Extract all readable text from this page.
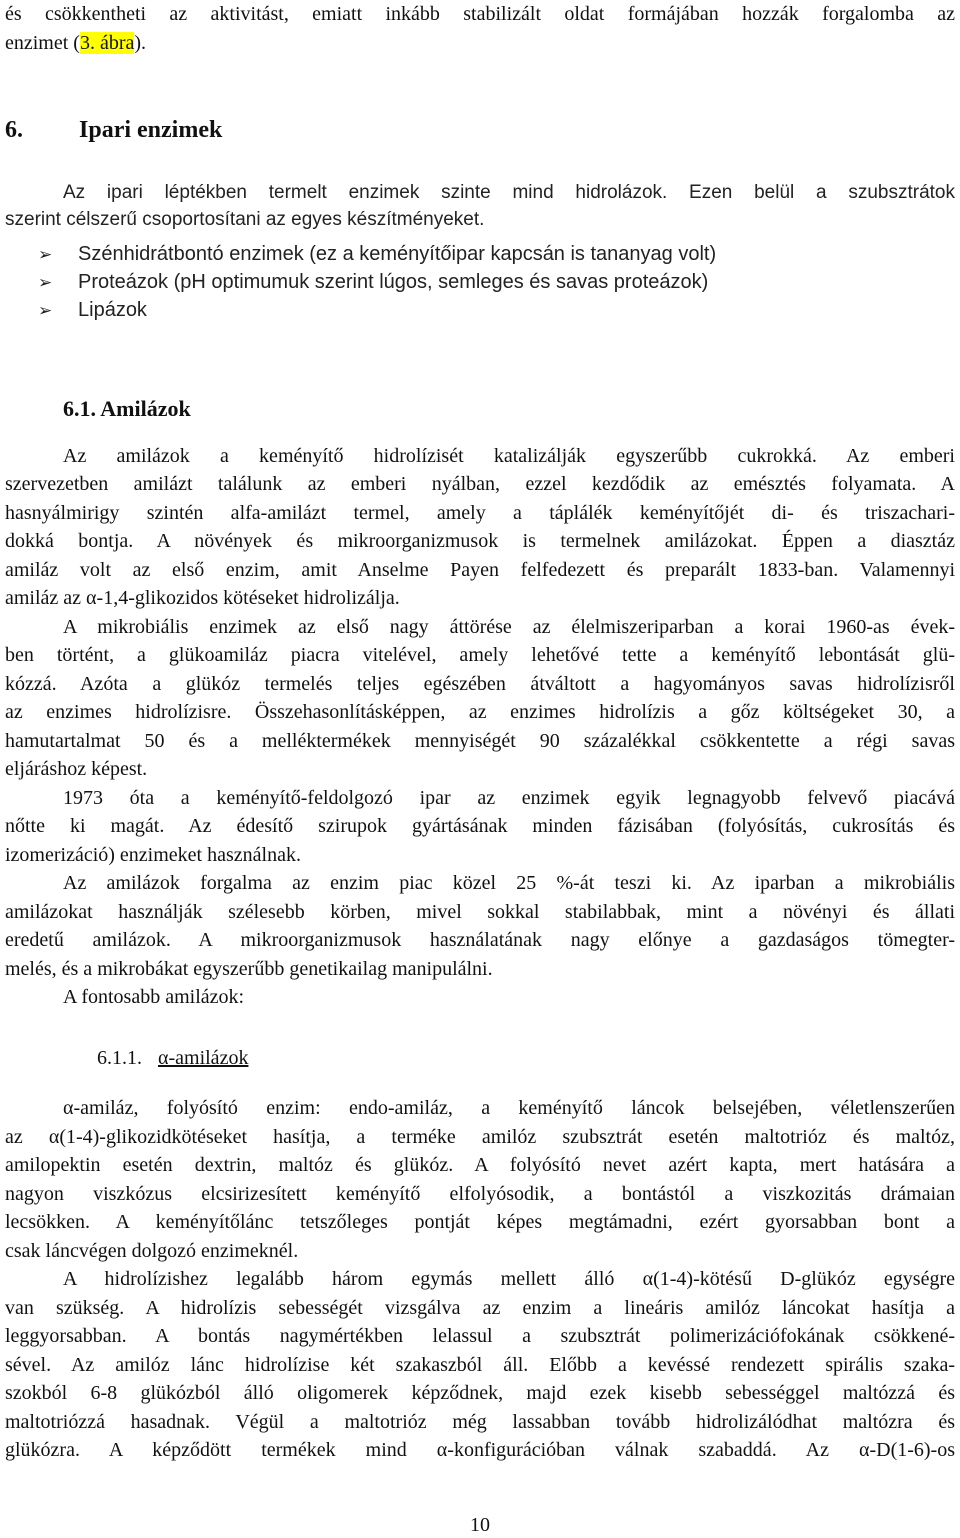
és csökkentheti az aktivitást, emiatt inkább stabilizált oldat formájában hozzák forgalomba az
enzimet (3. ábra).
6. Ipari enzimek
Az ipari léptékben termelt enzimek szinte mind hidrolázok. Ezen belül a szubsztrátok
szerint célszerű csoportosítani az egyes készítményeket.
➢ Szénhidrátbontó enzimek (ez a keményítőipar kapcsán is tananyag volt)
➢ Proteázok (pH optimumuk szerint lúgos, semleges és savas proteázok)
➢ Lipázok
6.1. Amilázok
Az amilázok a keményítő hidrolízisét katalizálják egyszerűbb cukrokká. Az emberi
szervezetben amilázt találunk az emberi nyálban, ezzel kezdődik az emésztés folyamata. A
hasnyálmirigy szintén alfa-amilázt termel, amely a táplálék keményítőjét di- és triszachari-
dokká bontja. A növények és mikroorganizmusok is termelnek amilázokat. Éppen a diasztáz
amiláz volt az első enzim, amit Anselme Payen felfedezett és preparált 1833-ban. Valamennyi
amiláz az α-1,4-glikozidos kötéseket hidrolizálja.
A mikrobiális enzimek az első nagy áttörése az élelmiszeriparban a korai 1960-as évek-
ben történt, a glükoamiláz piacra vitelével, amely lehetővé tette a keményítő lebontását glü-
kózzá. Azóta a glükóz termelés teljes egészében átváltott a hagyományos savas hidrolízisről
az enzimes hidrolízisre. Összehasonlításképpen, az enzimes hidrolízis a gőz költségeket 30, a
hamutartalmat 50 és a melléktermékek mennyiségét 90 százalékkal csökkentette a régi savas
eljáráshoz képest.
1973 óta a keményítő-feldolgozó ipar az enzimek egyik legnagyobb felvevő piacává
nőtte ki magát. Az édesítő szirupok gyártásának minden fázisában (folyósítás, cukrosítás és
izomerizáció) enzimeket használnak.
Az amilázok forgalma az enzim piac közel 25 %-át teszi ki. Az iparban a mikrobiális
amilázokat használják szélesebb körben, mivel sokkal stabilabbak, mint a növényi és állati
eredetű amilázok. A mikroorganizmusok használatának nagy előnye a gazdaságos tömegter-
melés, és a mikrobákat egyszerűbb genetikailag manipulálni.
A fontosabb amilázok:
6.1.1. α-amilázok
α-amiláz, folyósító enzim: endo-amiláz, a keményítő láncok belsejében, véletlenszerűen
az α(1-4)-glikozidkötéseket hasítja, a terméke amilóz szubsztrát esetén maltotrióz és maltóz,
amilopektin esetén dextrin, maltóz és glükóz. A folyósító nevet azért kapta, mert hatására a
nagyon viszkózus elcsirizesített keményítő elfolyósodik, a bontástól a viszkozitás drámaian
lecsökken. A keményítőlánc tetszőleges pontját képes megtámadni, ezért gyorsabban bont a
csak láncvégen dolgozó enzimeknél.
A hidrolízishez legalább három egymás mellett álló α(1-4)-kötésű D-glükóz egységre
van szükség. A hidrolízis sebességét vizsgálva az enzim a lineáris amilóz láncokat hasítja a
leggyorsabban. A bontás nagymértékben lelassul a szubsztrát polimerizációfokának csökkené-
sével. Az amilóz lánc hidrolízise két szakaszból áll. Előbb a kevéssé rendezett spirális szaka-
szokból 6-8 glükózból álló oligomerek képződnek, majd ezek kisebb sebességgel maltózzá és
maltotriózzá hasadnak. Végül a maltotrióz még lassabban tovább hidrolizálódhat maltózra és
glükózra. A képződött termékek mind α-konfigurációban válnak szabaddá. Az α-D(1-6)-os
10
